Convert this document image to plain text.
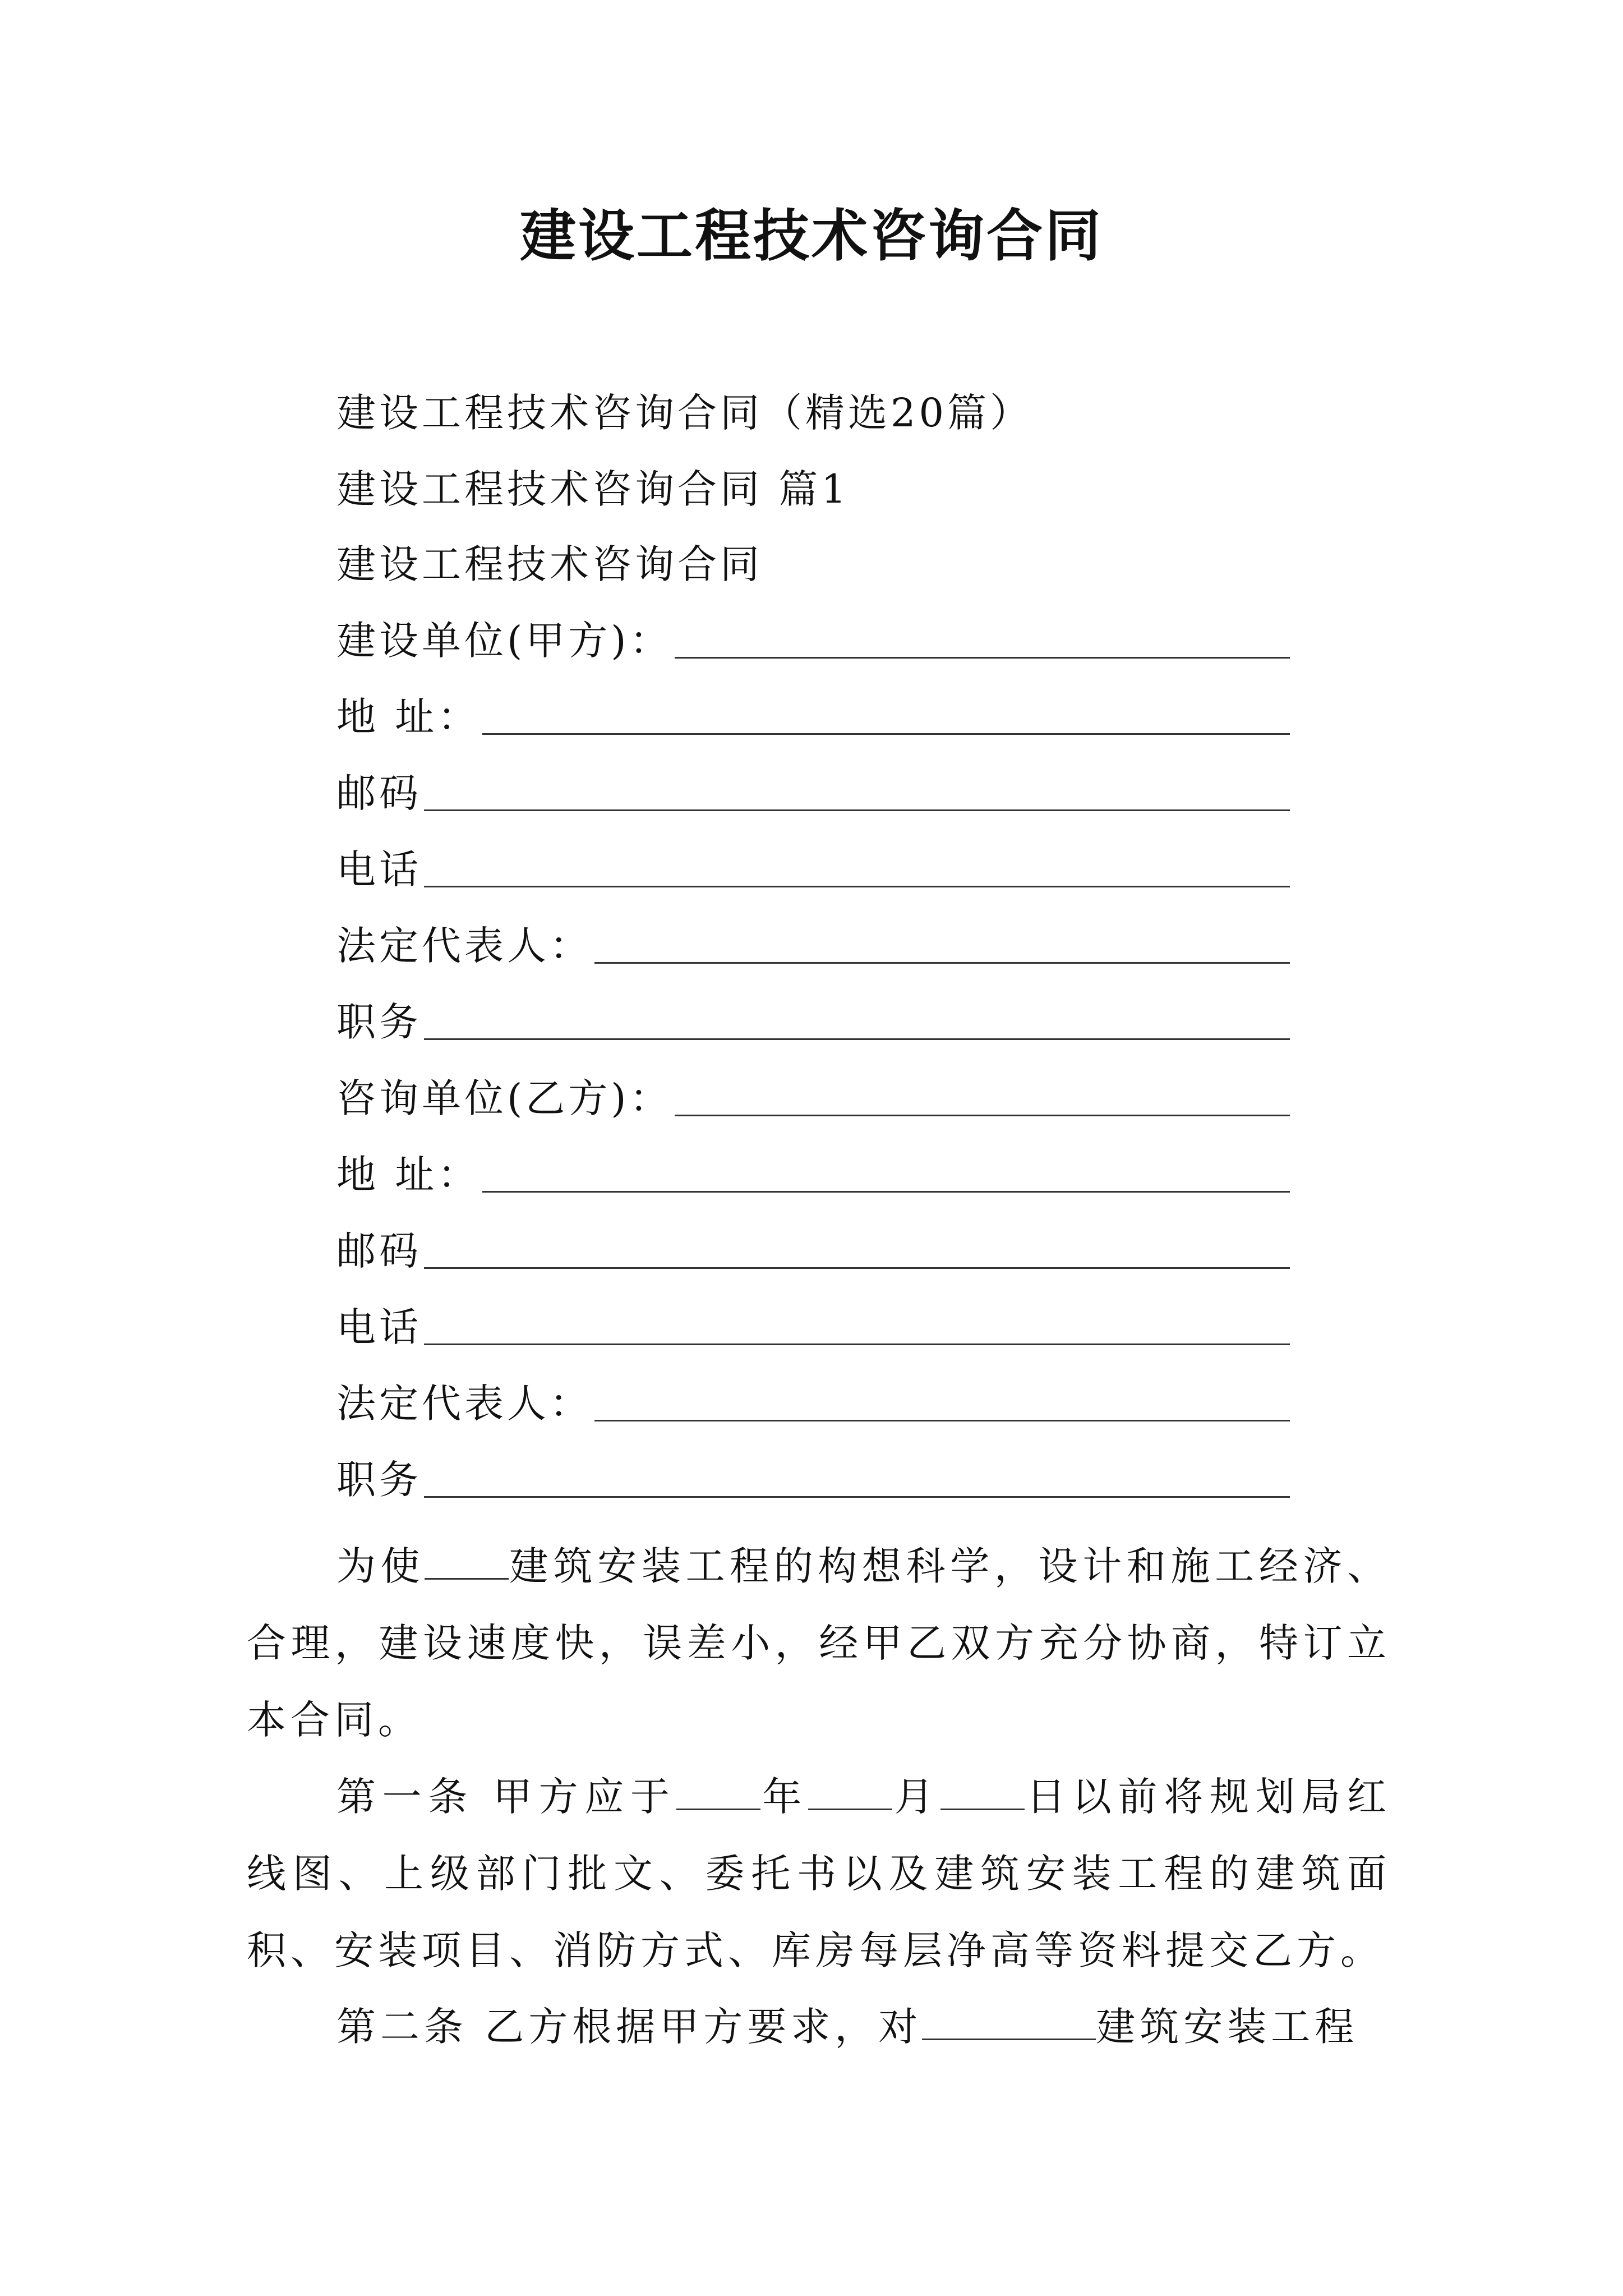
建设工程技术咨询合同
建设工程技术咨询合同（精选20篇）
建设工程技术咨询合同 篇1
建设工程技术咨询合同
建设单位(甲方)：
地 址：
邮码
电话
法定代表人：
职务
咨询单位(乙方)：
地 址：
邮码
电话
法定代表人：
职务
为使 建筑安装工程的构想科学，设计和施工经济、合理，建设速度快，误差小，经甲乙双方充分协商，特订立本合同。
第一条 甲方应于 年 月 日以前将规划局红线图、上级部门批文、委托书以及建筑安装工程的建筑面积、安装项目、消防方式、库房每层净高等资料提交乙方。
第二条 乙方根据甲方要求，对	建筑安装工程
